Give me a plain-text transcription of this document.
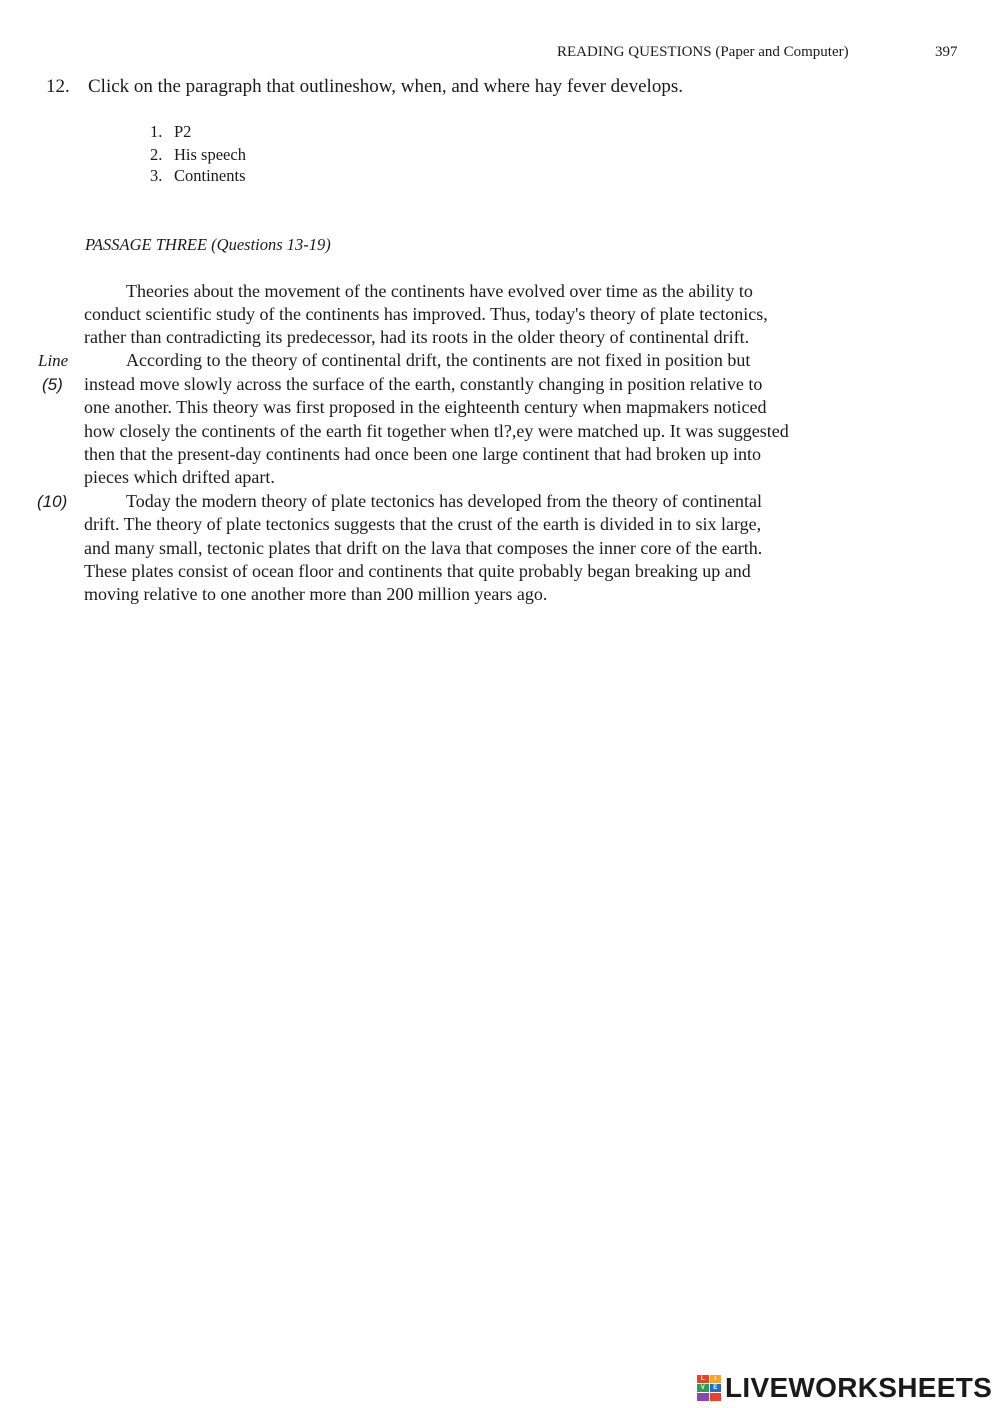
READING QUESTIONS (Paper and Computer)	397
12. Click on the paragraph that outlineshow, when, and where hay fever develops.
1. P2
2. His speech
3. Continents
PASSAGE THREE (Questions 13-19)
Theories about the movement of the continents have evolved over time as the ability to
conduct scientific study of the continents has improved. Thus, today's theory of plate tectonics,
rather than contradicting its predecessor, had its roots in the older theory of continental drift.
According to the theory of continental drift, the continents are not fixed in position but
instead move slowly across the surface of the earth, constantly changing in position relative to
one another. This theory was first proposed in the eighteenth century when mapmakers noticed
how closely the continents of the earth fit together when tl?,ey were matched up. It was suggested
then that the present-day continents had once been one large continent that had broken up into
pieces which drifted apart.
Today the modern theory of plate tectonics has developed from the theory of continental
drift. The theory of plate tectonics suggests that the crust of the earth is divided in to six large,
and many small, tectonic plates that drift on the lava that composes the inner core of the earth.
These plates consist of ocean floor and continents that quite probably began breaking up and
moving relative to one another more than 200 million years ago.
Line
(5)
(10)
L	I
V	E LIVEWORKSHEETS
